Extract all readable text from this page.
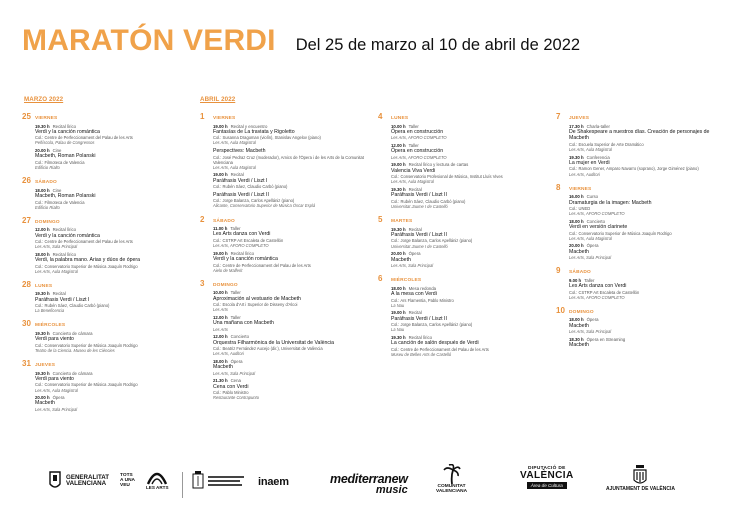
MARATÓN VERDI Del 25 de marzo al 10 de abril de 2022
MARZO 2022	ABRIL 2022
25 VIERNES
19.30 h Recital lírico
Verdi y la canción romántica
Col.: Centre de Perfeccionament del Palau de les Arts
Peñíscola, Palau de Congressos
20.00 h Cine
Macbeth, Roman Polanski
Col.: Filmoteca de Valencia
Edificio Rialto
26 SÁBADO
18.00 h Cine
Macbeth, Roman Polanski
Col.: Filmoteca de Valencia
Edificio Rialto
27 DOMINGO
12.00 h Recital lírico
Verdi y la canción romántica
Col.: Centre de Perfeccionament del Palau de les Arts
Les Arts, Sala Principal
18.00 h Recital lírico
Verdi, la palabra mano. Arias y dúos de ópera
Col.: Conservatorio Superior de Música Joaquín Rodrigo
Les Arts, Aula Magistral
28 LUNES
19.30 h Recital
Paráfrasis Verdi / Liszt I
Col.: Rubén Sáez, Claudio Carbó (piano)
La Beneficencia
30 MIÉRCOLES
19.30 h Concierto de cámara
Verdi para viento
Col.: Conservatorio Superior de Música Joaquín Rodrigo
Teatro de la Ciencia. Museu de les Ciències
31 JUEVES
19.30 h Concierto de cámara
Verdi para viento
Col.: Conservatorio Superior de Música Joaquín Rodrigo
Les Arts, Aula Magistral
20.00 h Ópera
Macbeth
Les Arts, Sala Principal
1	VIERNES
19.00 h Recital y encuentro
Fantasías de La traviata y Rigoletto
Col.: Susanna Dragoman (violín), Stanislav Angelov (piano)
Les Arts, Aula Magistral
Perspectives: Macbeth
Col.: José Pedraz Cruz (moderador), Amics de l'Òpera i de les Arts de la Comunitat Valenciana
Les Arts, Aula Magistral
19.00 h Recital
Paráfrasis Verdi / Liszt I
Col.: Rubén Sáez, Claudio Carbó (piano)
Paráfrasis Verdi / Liszt II
Col.: Jorge Balanza, Carlos Apellániz (piano)
Alicante, Conservatorio Superior de Música Óscar Esplá
2	SÁBADO
11.00 h Taller
Les Arts danza con Verdi
Col.: CSTRP Art Escaleta de Castellón
Les Arts, AFORO COMPLETO
19.00 h Recital lírico
Verdi y la canción romántica
Col.: Centre de Perfeccionament del Palau de les Arts
Aielo de Malferit
3	DOMINGO
10.00 h Taller
Aproximación al vestuario de Macbeth
Col.: Escola d'Art i Superior de Disseny d'Alcoi
Les Arts
12.00 h Taller
Una mañana con Macbeth
Les Arts
12.00 h Concierto
Orquestra Filharmònica de la Universitat de València
Col.: Beatriz Fernández Aucejo (dir.), Universitat de València
Les Arts, Auditori
18.00 h Ópera
Macbeth
Les Arts, Sala Principal
21.30 h Cena
Cena con Verdi
Col.: Pablo Ministro
Restaurante Contrapunto
4	LUNES
10.00 h Taller
Ópera en construcción
Les Arts, AFORO COMPLETO
12.00 h Taller
Ópera en construcción
Les Arts, AFORO COMPLETO
19.00 h Recital lírico y lectura de cartas
Valencia Viva Verdi
Col.: Conservatorio Profesional de Música, Institut Lluís Vives
Les Arts, Aula Magistral
19.30 h Recital
Paráfrasis Verdi / Liszt II
Col.: Rubén Sáez, Claudio Carbó (piano)
Universitat Jaume I de Castelló
5	MARTES
19.30 h Recital
Paráfrasis Verdi / Liszt II
Col.: Jorge Balanza, Carlos Apellániz (piano)
Universitat Jaume I de Castelló
20.00 h Ópera
Macbeth
Les Arts, Sala Principal
6	MIÉRCOLES
18.00 h Mesa redonda
A la mesa con Verdi
Col.: Ars Flamentia, Pablo Ministro
La Nau
19.00 h Recital
Paráfrasis Verdi / Liszt II
Col.: Jorge Balanza, Carlos Apellániz (piano)
La Nau
19.30 h Recital lírico
La canción de salón después de Verdi
Col.: Centre de Perfeccionament del Palau de les Arts
Museu de Belles Arts de Castelló
7	JUEVES
17.30 h Charla-taller
De Shakespeare a nuestros días. Creación de personajes de Macbeth
Col.: Escuela Superior de Arte Dramático
Les Arts, Aula Magistral
19.30 h Conferencia
La mujer en Verdi
Col.: Ramon Gener, Amparo Navarro (soprano), Jorge Giménez (piano)
Les Arts, Auditori
8	VIERNES
16.00 h Curso
Dramaturgia de la imagen: Macbeth
Col.: UNED
Les Arts, AFORO COMPLETO
18.00 h Concierto
Verdi en versión clarinete
Col.: Conservatorio Superior de Música Joaquín Rodrigo
Les Arts, Aula Magistral
20.00 h Ópera
Macbeth
Les Arts, Sala Principal
9	SÁBADO
9.00 h Taller
Les Arts danza con Verdi
Col.: CSTRP Art Escaleta de Castellón
Les Arts, AFORO COMPLETO
10 DOMINGO
18.00 h Ópera
Macbeth
Les Arts, Sala Principal
18.30 h Ópera en Streaming
Macbeth
GENERALITAT
VALENCIANA
TOTS
A UNA
VEU	LES ARTS	inaem	mediterranew
music	COMUNITAT
VALENCIANA
DIPUTACIÓ DE
VALÈNCIA
Àrea de Cultura
AJUNTAMENT DE VALÈNCIA
